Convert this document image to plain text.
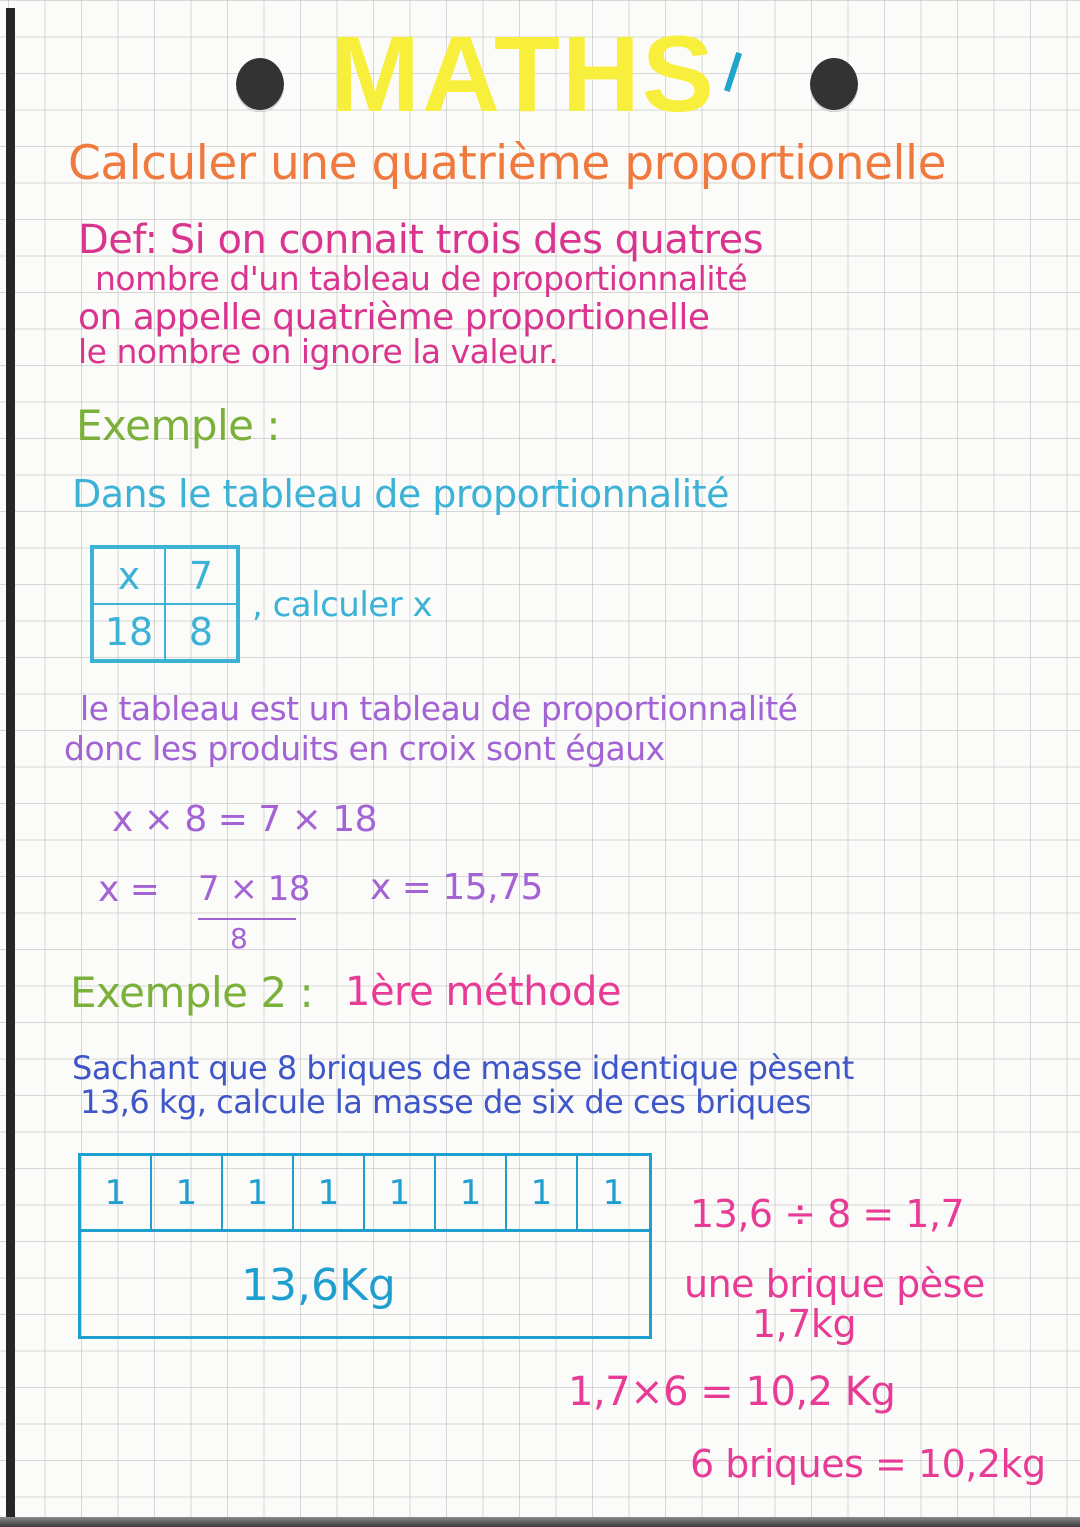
MATHS
Calculer une quatrième proportionelle
Def: Si on connait trois des quatres
nombre d'un tableau de proportionnalité
on appelle quatrième proportionelle
le nombre on ignore la valeur.
Exemple :
Dans le tableau de proportionnalité
x	7
18 8
, calculer x
le tableau est un tableau de proportionnalité
donc les produits en croix sont égaux
x × 8 = 7 × 18
x = 7 × 18
8
x = 15,75
Exemple 2 : 1ère méthode
Sachant que 8 briques de masse identique pèsent
13,6 kg, calcule la masse de six de ces briques
1	1	1	1	1	1	1	1
13,6Kg
13,6 ÷ 8 = 1,7
une brique pèse
1,7kg
1,7×6 = 10,2 Kg
6 briques = 10,2kg
